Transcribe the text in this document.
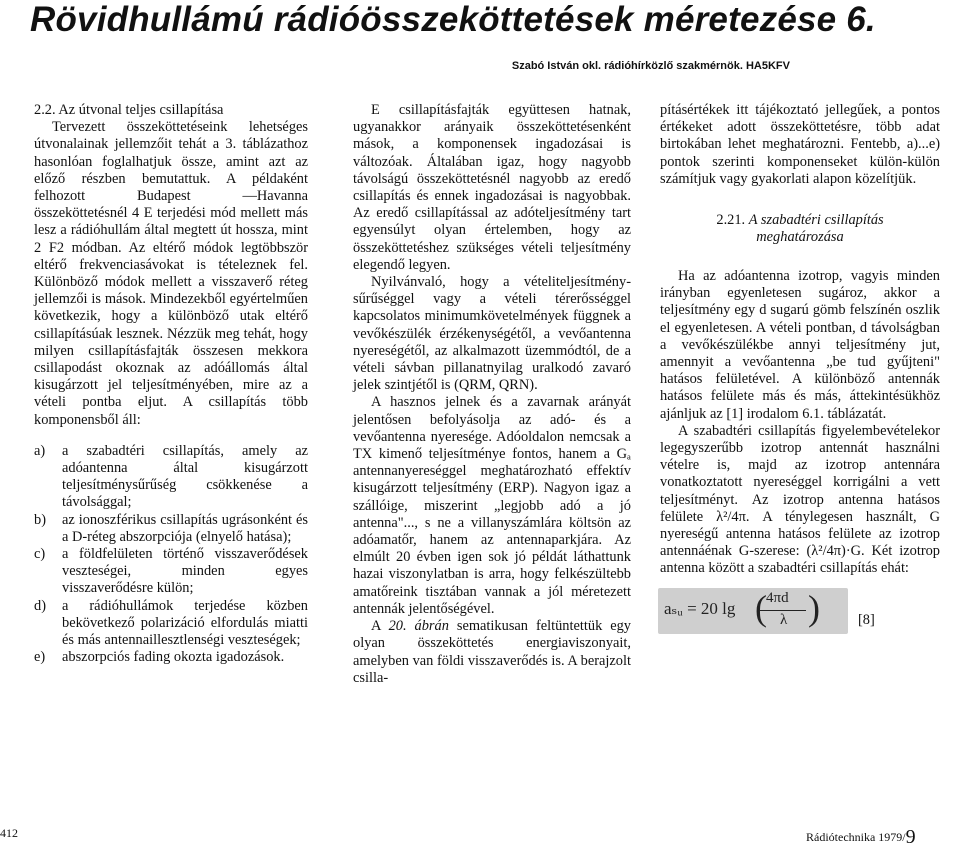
Rövidhullámú rádióösszeköttetések méretezése 6.
Szabó István okl. rádióhírközlő szakmérnök. HA5KFV

2.2. Az útvonal teljes csillapítása

Tervezett összeköttetéseink lehetséges útvonalainak jellemzőit tehát a 3. táblázathoz hasonlóan foglalhatjuk össze, amint azt az előző részben bemutattuk. A példaként felhozott Budapest —Havanna összeköttetésnél 4 E terjedési mód mellett más lesz a rádióhullám által megtett út hossza, mint 2 F2 módban. Az eltérő módok legtöbbször eltérő frekvenciasávokat is tételeznek fel. Különböző módok mellett a visszaverő réteg jellemzői is mások. Mindezekből egyértelműen következik, hogy a különböző utak eltérő csillapításúak lesznek. Nézzük meg tehát, hogy milyen csillapításfajták összesen mekkora csillapodást okoznak az adóállomás által kisugárzott jel teljesítményében, mire az a vételi pontba eljut. A csillapítás több komponensből áll:

a) a szabadtéri csillapítás, amely az adóantenna által kisugárzott teljesítménysűrűség csökkenése a távolsággal;
b) az ionoszférikus csillapítás ugrásonként és a D-réteg abszorpciója (elnyelő hatása);
c) a földfelületen történő visszaverődések veszteségei, minden egyes visszaverődésre külön;
d) a rádióhullámok terjedése közben bekövetkező polarizáció elfordulás miatti és más antennaillesztlenségi veszteségek;
e) abszorpciós fading okozta igadozások.

E csillapításfajták együttesen hatnak, ugyanakkor arányaik összeköttetésenként mások, a komponensek ingadozásai is változóak. Általában igaz, hogy nagyobb távolságú összeköttetésnél nagyobb az eredő csillapítás és ennek ingadozásai is nagyobbak. Az eredő csillapítással az adóteljesítmény tart egyensúlyt olyan értelemben, hogy az összeköttetéshez szükséges vételi teljesítmény elegendő legyen.

Nyilvánvaló, hogy a vételiteljesítmény-sűrűséggel vagy a vételi térerősséggel kapcsolatos minimumkövetelmények függnek a vevőkészülék érzékenységétől, a vevőantenna nyereségétől, az alkalmazott üzemmódtól, de a vételi sávban pillanatnyilag uralkodó zavaró jelek szintjétől is (QRM, QRN).

A hasznos jelnek és a zavarnak arányát jelentősen befolyásolja az adó- és a vevőantenna nyeresége. Adóoldalon nemcsak a TX kimenő teljesítménye fontos, hanem a Gₐ antennanyereséggel meghatározható effektív kisugárzott teljesítmény (ERP). Nagyon igaz a szállóige, miszerint „legjobb adó a jó antenna"..., s ne a villanyszámlára költsön az adóamatőr, hanem az antennaparkjára. Az elmúlt 20 évben igen sok jó példát láthattunk hazai viszonylatban is arra, hogy felkészültebb amatőreink tisztában vannak a jól méretezett antennák jelentőségével.

A 20. ábrán sematikusan feltüntettük egy olyan összeköttetés energiaviszonyait, amelyben van földi visszaverődés is. A berajzolt csilla-

pításértékek itt tájékoztató jellegűek, a pontos értékeket adott összeköttetésre, több adat birtokában lehet meghatározni. Fentebb, a)...e) pontok szerinti komponenseket külön-külön számítjuk vagy gyakorlati alapon közelítjük.

2.21. A szabadtéri csillapítás
meghatározása

Ha az adóantenna izotrop, vagyis minden irányban egyenletesen sugároz, akkor a teljesítmény egy d sugarú gömb felszínén oszlik el egyenletesen. A vételi pontban, d távolságban a vevőkészülékbe annyi teljesítmény jut, amennyit a vevőantenna „be tud gyűjteni" hatásos felületével. A különböző antennák hatásos felülete más és más, áttekintésükhöz ajánljuk az [1] irodalom 6.1. táblázatát.

A szabadtéri csillapítás figyelembevételekor legegyszerűbb izotrop antennát használni vételre is, majd az izotrop antennára vonatkoztatott nyereséggel korrigálni a vett teljesítményt. Az izotrop antenna hatásos felülete λ²/4π. A ténylegesen használt, G nyereségű antenna hatásos felülete az izotrop antennáénak G-szerese: (λ²/4π)·G. Két izotrop antenna között a szabadtéri csillapítás ehát:

aₛᵤ = 20 lg
4πd
λ
( )	[8]
412	Rádiótechnika 1979/9
